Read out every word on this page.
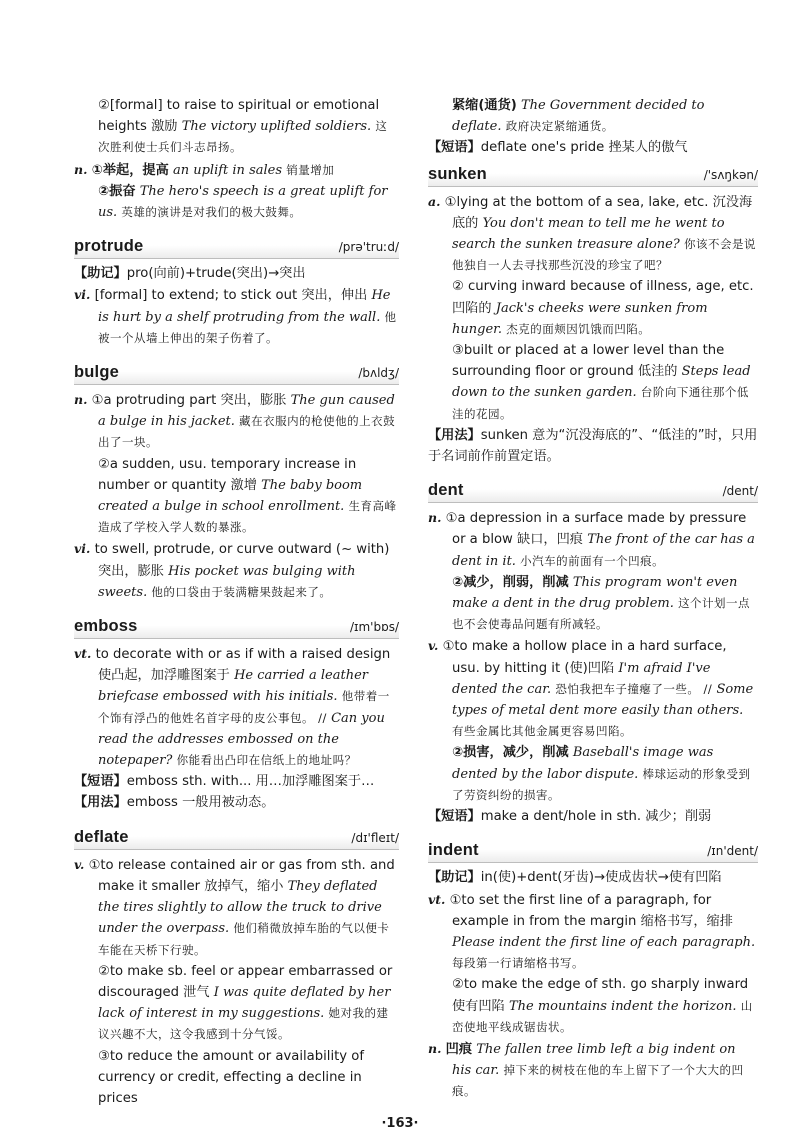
②[formal] to raise to spiritual or emotional heights 激励 The victory uplifted soldiers. 这次胜利使士兵们斗志昂扬。

n. ①举起，提高 an uplift in sales 销量增加

②振奋 The hero's speech is a great uplift for us. 英雄的演讲是对我们的极大鼓舞。

protrude	/prə'truːd/

【助记】pro(向前)+trude(突出)→突出

vi. [formal] to extend; to stick out 突出，伸出 He is hurt by a shelf protruding from the wall. 他被一个从墙上伸出的架子伤着了。

bulge	/bʌldʒ/

n. ①a protruding part 突出，膨胀 The gun caused a bulge in his jacket. 藏在衣服内的枪使他的上衣鼓出了一块。

②a sudden, usu. temporary increase in number or quantity 激增 The baby boom created a bulge in school enrollment. 生育高峰造成了学校入学人数的暴涨。

vi. to swell, protrude, or curve outward (~ with) 突出，膨胀 His pocket was bulging with sweets. 他的口袋由于装满糖果鼓起来了。

emboss	/ɪm'bɒs/

vt. to decorate with or as if with a raised design 使凸起，加浮雕图案于 He carried a leather briefcase embossed with his initials. 他带着一个饰有浮凸的他姓名首字母的皮公事包。 // Can you read the addresses embossed on the notepaper? 你能看出凸印在信纸上的地址吗？

【短语】emboss sth. with... 用…加浮雕图案于…

【用法】emboss 一般用被动态。

deflate	/dɪ'fleɪt/

v. ①to release contained air or gas from sth. and make it smaller 放掉气，缩小 They deflated the tires slightly to allow the truck to drive under the overpass. 他们稍微放掉车胎的气以便卡车能在天桥下行驶。

②to make sb. feel or appear embarrassed or discouraged 泄气 I was quite deflated by her lack of interest in my suggestions. 她对我的建议兴趣不大，这令我感到十分气馁。

③to reduce the amount or availability of currency or credit, effecting a decline in prices

紧缩(通货) The Government decided to deflate. 政府决定紧缩通货。

【短语】deflate one's pride 挫某人的傲气

sunken	/'sʌŋkən/

a. ①lying at the bottom of a sea, lake, etc. 沉没海底的 You don't mean to tell me he went to search the sunken treasure alone? 你该不会是说他独自一人去寻找那些沉没的珍宝了吧？

② curving inward because of illness, age, etc. 凹陷的 Jack's cheeks were sunken from hunger. 杰克的面颊因饥饿而凹陷。

③built or placed at a lower level than the surrounding floor or ground 低洼的 Steps lead down to the sunken garden. 台阶向下通往那个低洼的花园。

【用法】sunken 意为“沉没海底的”、“低洼的”时，只用于名词前作前置定语。

dent	/dent/

n. ①a depression in a surface made by pressure or a blow 缺口，凹痕 The front of the car has a dent in it. 小汽车的前面有一个凹痕。

②减少，削弱，削减 This program won't even make a dent in the drug problem. 这个计划一点也不会使毒品问题有所减轻。

v. ①to make a hollow place in a hard surface, usu. by hitting it (使)凹陷 I'm afraid I've dented the car. 恐怕我把车子撞瘪了一些。 // Some types of metal dent more easily than others. 有些金属比其他金属更容易凹陷。

②损害，减少，削减 Baseball's image was dented by the labor dispute. 棒球运动的形象受到了劳资纠纷的损害。

【短语】make a dent/hole in sth. 减少；削弱

indent	/ɪn'dent/

【助记】in(使)+dent(牙齿)→使成齿状→使有凹陷

vt. ①to set the first line of a paragraph, for example in from the margin 缩格书写，缩排 Please indent the first line of each paragraph. 每段第一行请缩格书写。

②to make the edge of sth. go sharply inward 使有凹陷 The mountains indent the horizon. 山峦使地平线成锯齿状。

n. 凹痕 The fallen tree limb left a big indent on his car. 掉下来的树枝在他的车上留下了一个大大的凹痕。

·163·
